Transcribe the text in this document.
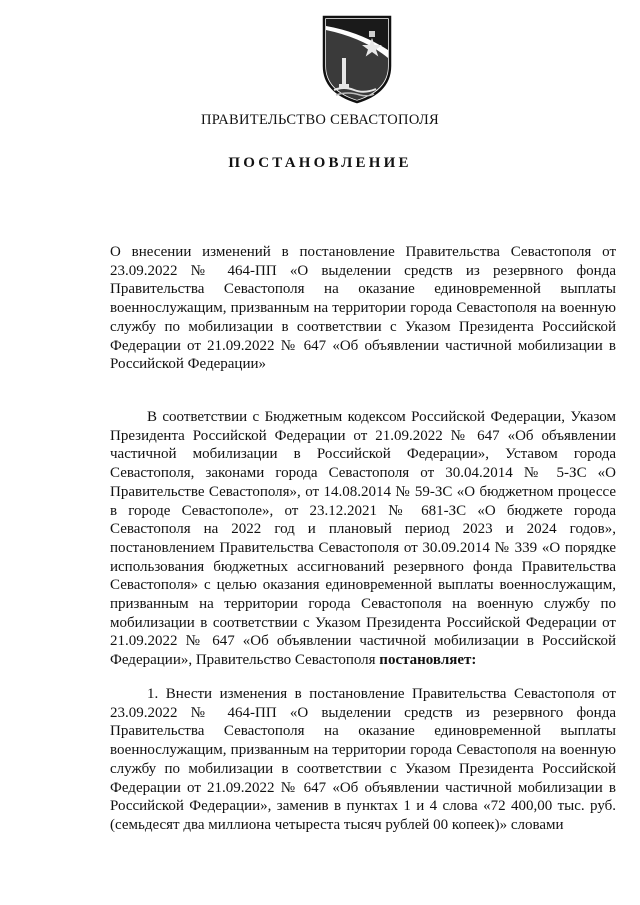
ПРАВИТЕЛЬСТВО СЕВАСТОПОЛЯ
ПОСТАНОВЛЕНИЕ
О внесении изменений в постановление Правительства Севастополя от 23.09.2022 № 464-ПП «О выделении средств из резервного фонда Правительства Севастополя на оказание единовременной выплаты военнослужащим, призванным на территории города Севастополя на военную службу по мобилизации в соответствии с Указом Президента Российской Федерации от 21.09.2022 № 647 «Об объявлении частичной мобилизации в Российской Федерации»
В соответствии с Бюджетным кодексом Российской Федерации, Указом Президента Российской Федерации от 21.09.2022 № 647 «Об объявлении частичной мобилизации в Российской Федерации», Уставом города Севастополя, законами города Севастополя от 30.04.2014 № 5-ЗС «О Правительстве Севастополя», от 14.08.2014 № 59-ЗС «О бюджетном процессе в городе Севастополе», от 23.12.2021 № 681-ЗС «О бюджете города Севастополя на 2022 год и плановый период 2023 и 2024 годов», постановлением Правительства Севастополя от 30.09.2014 № 339 «О порядке использования бюджетных ассигнований резервного фонда Правительства Севастополя» с целью оказания единовременной выплаты военнослужащим, призванным на территории города Севастополя на военную службу по мобилизации в соответствии с Указом Президента Российской Федерации от 21.09.2022 № 647 «Об объявлении частичной мобилизации в Российской Федерации», Правительство Севастополя постановляет:
1. Внести изменения в постановление Правительства Севастополя от 23.09.2022 № 464-ПП «О выделении средств из резервного фонда Правительства Севастополя на оказание единовременной выплаты военнослужащим, призванным на территории города Севастополя на военную службу по мобилизации в соответствии с Указом Президента Российской Федерации от 21.09.2022 № 647 «Об объявлении частичной мобилизации в Российской Федерации», заменив в пунктах 1 и 4 слова «72 400,00 тыс. руб. (семьдесят два миллиона четыреста тысяч рублей 00 копеек)» словами
